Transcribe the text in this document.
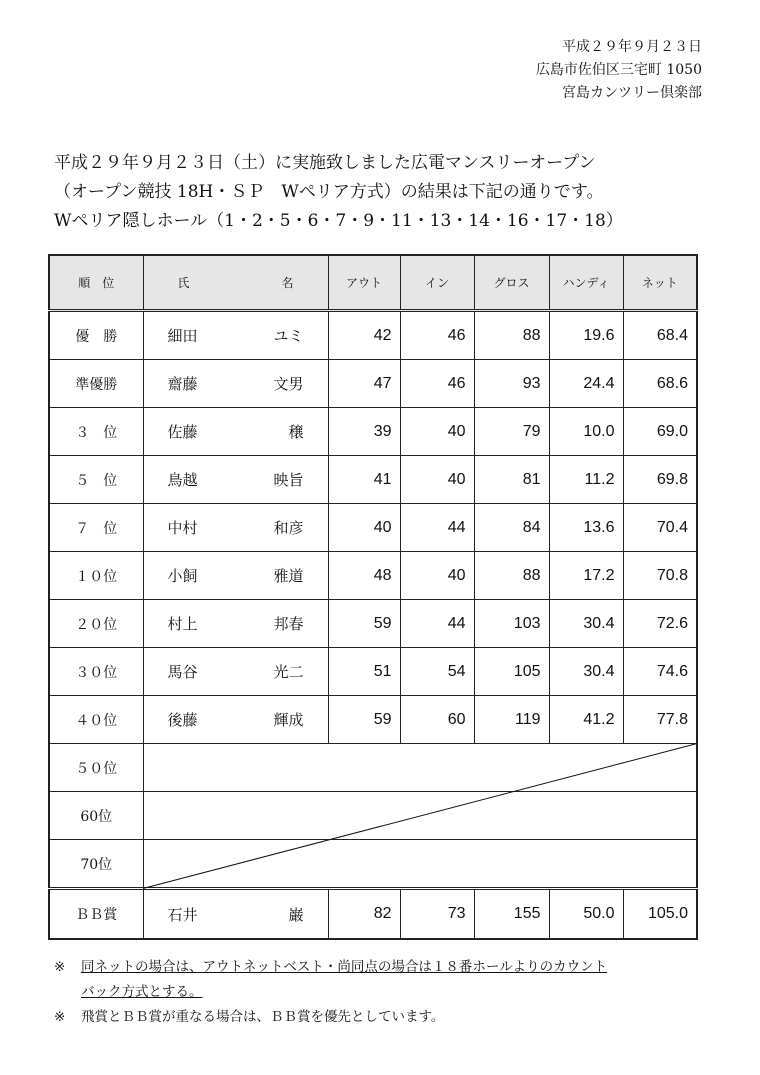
平成２９年９月２３日
広島市佐伯区三宅町 1050
宮島カンツリー倶楽部
平成２９年９月２３日（土）に実施致しました広電マンスリーオープン
（オープン競技 18H・ＳＰ　Wペリア方式）の結果は下記の通りです。
Wペリア隠しホール（1・2・5・6・7・9・11・13・14・16・17・18）
順　位	氏 名	アウト	イン	グロス	ハンディ	ネット
優　勝	細田 ユミ	42	46	88	19.6	68.4
準優勝	齋藤 文男	47	46	93	24.4	68.6
３　位	佐藤 穣	39	40	79	10.0	69.0
５　位	鳥越 映旨	41	40	81	11.2	69.8
７　位	中村 和彦	40	44	84	13.6	70.4
１０位	小飼 雅道	48	40	88	17.2	70.8
２０位	村上 邦春	59	44	103	30.4	72.6
３０位	馬谷 光二	51	54	105	30.4	74.6
４０位	後藤 輝成	59	60	119	41.2	77.8
５０位						
60位						
70位						
ＢＢ賞	石井 巌	82	73	155	50.0	105.0
※ 同ネットの場合は、アウトネットベスト・尚同点の場合は１８番ホールよりのカウント
バック方式とする。
※ 飛賞とＢＢ賞が重なる場合は、ＢＢ賞を優先としています。
